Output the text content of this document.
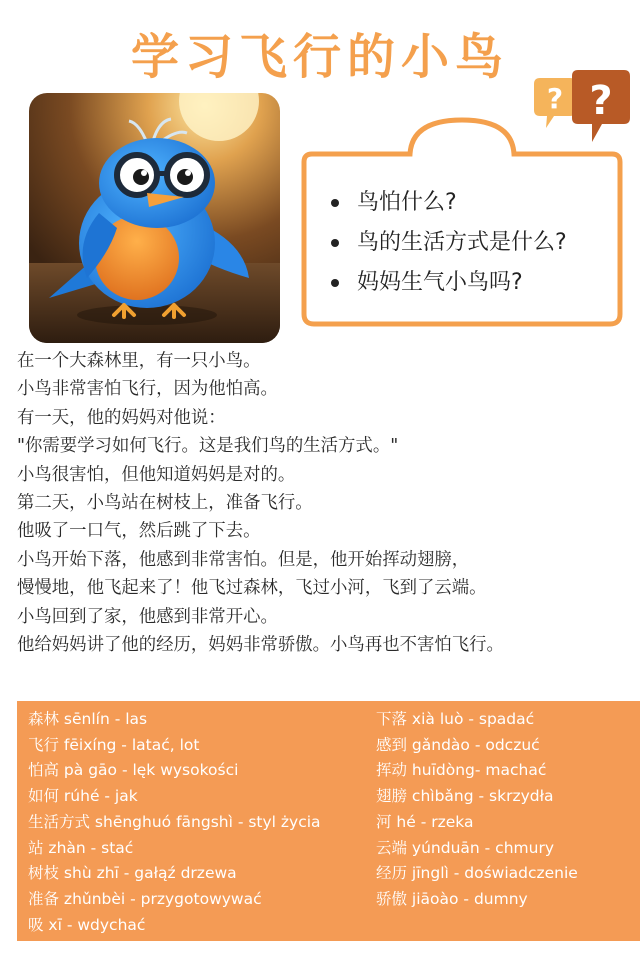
学习飞行的小鸟
? ?
鸟怕什么?
鸟的生活方式是什么?
妈妈生气小鸟吗?

在一个大森林里，有一只小鸟。

小鸟非常害怕飞行，因为他怕高。

有一天，他的妈妈对他说：

"你需要学习如何飞行。这是我们鸟的生活方式。"

小鸟很害怕，但他知道妈妈是对的。

第二天，小鸟站在树枝上，准备飞行。

他吸了一口气，然后跳了下去。

小鸟开始下落，他感到非常害怕。但是，他开始挥动翅膀，

慢慢地，他飞起来了！他飞过森林，飞过小河，飞到了云端。

小鸟回到了家，他感到非常开心。

他给妈妈讲了他的经历，妈妈非常骄傲。小鸟再也不害怕飞行。

森林 sēnlín - las
飞行 fēixíng - latać, lot
怕高 pà gāo - lęk wysokości
如何 rúhé - jak
生活方式 shēnghuó fāngshì - styl życia
站 zhàn - stać
树枝 shù zhī - gałąź drzewa
准备 zhǔnbèi - przygotowywać
吸 xī - wdychać
下落 xià luò - spadać
感到 gǎndào - odczuć
挥动 huīdòng- machać
翅膀 chìbǎng - skrzydła
河 hé - rzeka
云端 yúnduān - chmury
经历 jīnglì - doświadczenie
骄傲 jiāoào - dumny
